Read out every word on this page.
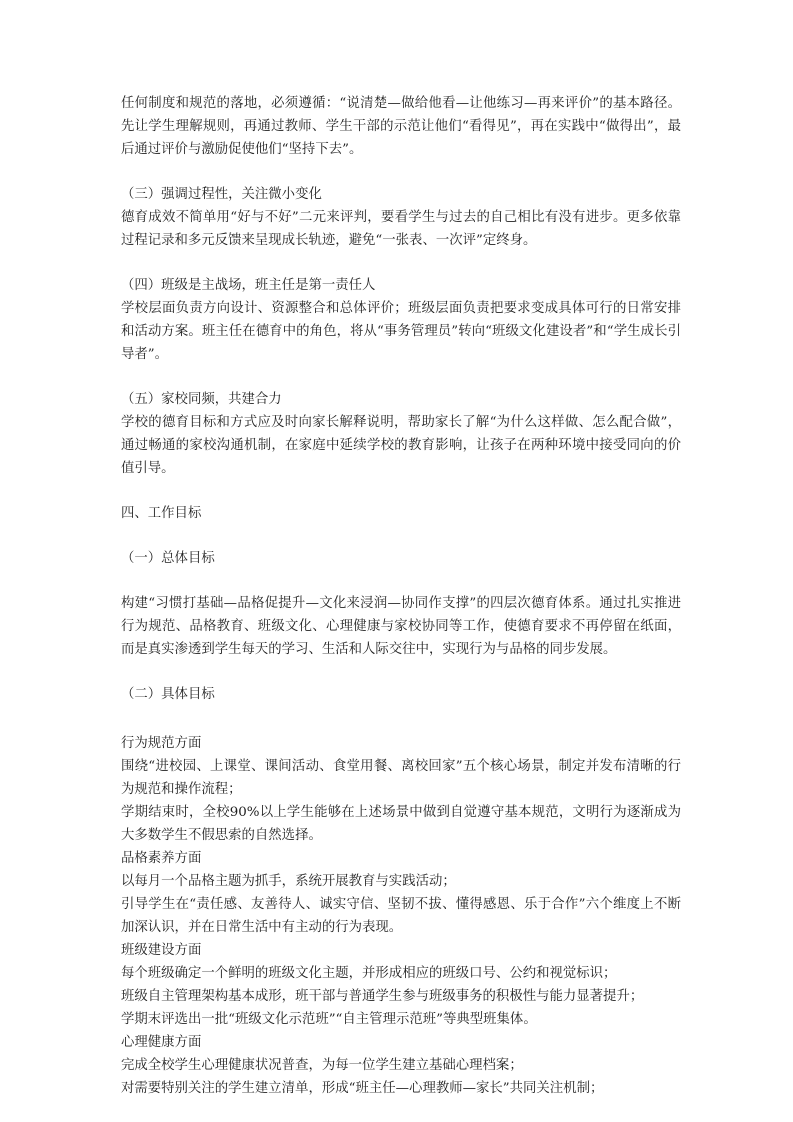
任何制度和规范的落地，必须遵循：“说清楚—做给他看—让他练习—再来评价”的基本路径。先让学生理解规则，再通过教师、学生干部的示范让他们“看得见”，再在实践中“做得出”，最后通过评价与激励促使他们“坚持下去”。

（三）强调过程性，关注微小变化

德育成效不简单用“好与不好”二元来评判，要看学生与过去的自己相比有没有进步。更多依靠过程记录和多元反馈来呈现成长轨迹，避免“一张表、一次评”定终身。

（四）班级是主战场，班主任是第一责任人

学校层面负责方向设计、资源整合和总体评价；班级层面负责把要求变成具体可行的日常安排和活动方案。班主任在德育中的角色，将从“事务管理员”转向“班级文化建设者”和“学生成长引导者”。

（五）家校同频，共建合力

学校的德育目标和方式应及时向家长解释说明，帮助家长了解“为什么这样做、怎么配合做”，通过畅通的家校沟通机制，在家庭中延续学校的教育影响，让孩子在两种环境中接受同向的价值引导。

四、工作目标

（一）总体目标

构建“习惯打基础—品格促提升—文化来浸润—协同作支撑”的四层次德育体系。通过扎实推进行为规范、品格教育、班级文化、心理健康与家校协同等工作，使德育要求不再停留在纸面，而是真实渗透到学生每天的学习、生活和人际交往中，实现行为与品格的同步发展。

（二）具体目标

行为规范方面

围绕“进校园、上课堂、课间活动、食堂用餐、离校回家”五个核心场景，制定并发布清晰的行为规范和操作流程；

学期结束时，全校90%以上学生能够在上述场景中做到自觉遵守基本规范，文明行为逐渐成为大多数学生不假思索的自然选择。

品格素养方面

以每月一个品格主题为抓手，系统开展教育与实践活动；

引导学生在“责任感、友善待人、诚实守信、坚韧不拔、懂得感恩、乐于合作”六个维度上不断加深认识，并在日常生活中有主动的行为表现。

班级建设方面

每个班级确定一个鲜明的班级文化主题，并形成相应的班级口号、公约和视觉标识；

班级自主管理架构基本成形，班干部与普通学生参与班级事务的积极性与能力显著提升；

学期末评选出一批“班级文化示范班”“自主管理示范班”等典型班集体。

心理健康方面

完成全校学生心理健康状况普查，为每一位学生建立基础心理档案；

对需要特别关注的学生建立清单，形成“班主任—心理教师—家长”共同关注机制；
